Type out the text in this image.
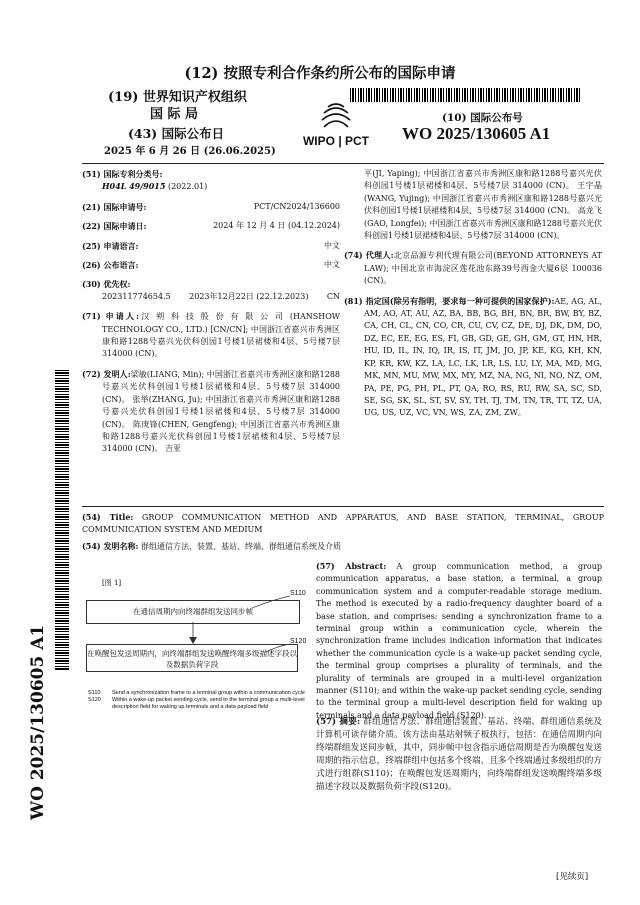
(12) 按照专利合作条约所公布的国际申请
(19) 世界知识产权组织
国 际 局
(43) 国际公布日
2025 年 6 月 26 日 (26.06.2025)
WIPO | PCT
(10) 国际公布号
WO 2025/130605 A1
(51) 国际专利分类号:
H04L 49/9015 (2022.01)
(21) 国际申请号:	PCT/CN2024/136600
(22) 国际申请日:	2024 年 12 月 4 日 (04.12.2024)
(25) 申请语言:	中文
(26) 公布语言:	中文
(30) 优先权:
202311774654.5 2023年12月22日 (22.12.2023) CN
(71) 申请人:汉 朔 科 技 股 份 有 限 公 司 (HANSHOW TECHNOLOGY CO., LTD.) [CN/CN]; 中国浙江省嘉兴市秀洲区康和路1288号嘉兴光伏科创园1号楼1层裙楼和4层、5号楼7层 314000 (CN)。
(72) 发明人:梁敏(LIANG, Min); 中国浙江省嘉兴市秀洲区康和路1288号嘉兴光伏科创园1号楼1层裙楼和4层、5号楼7层 314000 (CN)。 张举(ZHANG, Ju); 中国浙江省嘉兴市秀洲区康和路1288号嘉兴光伏科创园1号楼1层裙楼和4层、5号楼7层 314000 (CN)。 陈庚锋(CHEN, Gengfeng); 中国浙江省嘉兴市秀洲区康和路1288号嘉兴光伏科创园1号楼1层裙楼和4层、5号楼7层 314000 (CN)。 吉亚
平(JI, Yaping); 中国浙江省嘉兴市秀洲区康和路1288号嘉兴光伏科创园1号楼1层裙楼和4层、5号楼7层 314000 (CN)。 王宇晶(WANG, Yujing); 中国浙江省嘉兴市秀洲区康和路1288号嘉兴光伏科创园1号楼1层裙楼和4层、5号楼7层 314000 (CN)。 高龙飞(GAO, Longfei); 中国浙江省嘉兴市秀洲区康和路1288号嘉兴光伏科创园1号楼1层裙楼和4层、5号楼7层 314000 (CN)。
(74) 代理人:北京品源专利代理有限公司(BEYOND ATTORNEYS AT LAW); 中国北京市海淀区莲花池东路39号西金大厦6层 100036 (CN)。
(81) 指定国(除另有指明，要求每一种可提供的国家保护):AE, AG, AL, AM, AO, AT, AU, AZ, BA, BB, BG, BH, BN, BR, BW, BY, BZ, CA, CH, CL, CN, CO, CR, CU, CV, CZ, DE, DJ, DK, DM, DO, DZ, EC, EE, EG, ES, FI, GB, GD, GE, GH, GM, GT, HN, HR, HU, ID, IL, IN, IQ, IR, IS, IT, JM, JO, JP, KE, KG, KH, KN, KP, KR, KW, KZ, LA, LC, LK, LR, LS, LU, LY, MA, MD, MG, MK, MN, MU, MW, MX, MY, MZ, NA, NG, NI, NO, NZ, OM, PA, PE, PG, PH, PL, PT, QA, RO, RS, RU, RW, SA, SC, SD, SE, SG, SK, SL, ST, SV, SY, TH, TJ, TM, TN, TR, TT, TZ, UA, UG, US, UZ, VC, VN, WS, ZA, ZM, ZW。
(54) Title: GROUP COMMUNICATION METHOD AND APPARATUS, AND BASE STATION, TERMINAL, GROUP COMMUNICATION SYSTEM AND MEDIUM
(54) 发明名称: 群组通信方法、装置、基站、终端、群组通信系统及介质
[图 1]
S110
在通信周期内向终端群组发送同步帧
S120
在唤醒包发送周期内，向终端群组发送唤醒终端多级描述字段以及数据负荷字段
S110	Send a synchronization frame to a terminal group within a communication cycle
S120	Within a wake-up packet sending cycle, send to the terminal group a multi-level description field for waking up terminals and a data payload field
(57) Abstract: A group communication method, a group communication apparatus, a base station, a terminal, a group communication system and a computer-readable storage medium. The method is executed by a radio-frequency daughter board of a base station, and comprises: sending a synchronization frame to a terminal group within a communication cycle, wherein the synchronization frame includes indication information that indicates whether the communication cycle is a wake-up packet sending cycle, the terminal group comprises a plurality of terminals, and the plurality of terminals are grouped in a multi-level organization manner (S110); and within the wake-up packet sending cycle, sending to the terminal group a multi-level description field for waking up terminals and a data payload field (S120).
(57) 摘要: 群组通信方法、群组通信装置、基站、终端、群组通信系统及计算机可读存储介质。该方法由基站射频子板执行，包括：在通信周期内向终端群组发送同步帧，其中，同步帧中包含指示通信周期是否为唤醒包发送周期的指示信息，终端群组中包括多个终端，且多个终端通过多级组织的方式进行组群(S110)；在唤醒包发送周期内，向终端群组发送唤醒终端多级描述字段以及数据负荷字段(S120)。
WO 2025/130605 A1
[见续页]
